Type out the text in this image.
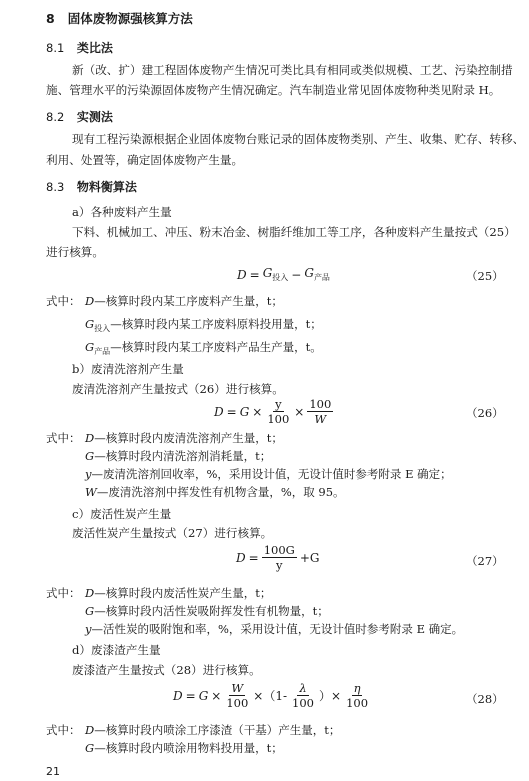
8 固体废物源强核算方法
8.1 类比法
新（改、扩）建工程固体废物产生情况可类比具有相同或类似规模、工艺、污染控制措
施、管理水平的污染源固体废物产生情况确定。汽车制造业常见固体废物种类见附录 H。
8.2 实测法
现有工程污染源根据企业固体废物台账记录的固体废物类别、产生、收集、贮存、转移、
利用、处置等，确定固体废物产生量。
8.3 物料衡算法
a）各种废料产生量
下料、机械加工、冲压、粉末冶金、树脂纤维加工等工序，各种废料产生量按式（25）
进行核算。
$D = G_{投入} - G_{产品}$	（25）
式中： D—核算时段内某工序废料产生量，t；
$G_{投入}—$核算时段内某工序废料原料投用量，t；
$G_{产品}—$核算时段内某工序废料产品生产量，t。
b）废清洗溶剂产生量
废清洗溶剂产生量按式（26）进行核算。
$D = G \times \frac{y}{100} \times \frac{100}{W}$	（26）
式中： D—核算时段内废清洗溶剂产生量，t；
G—核算时段内清洗溶剂消耗量，t；
y—废清洗溶剂回收率，%，采用设计值，无设计值时参考附录 E 确定；
W—废清洗溶剂中挥发性有机物含量，%，取 95。
c）废活性炭产生量
废活性炭产生量按式（27）进行核算。
$D = \frac{100G}{y} +G$	（27）
式中： D—核算时段内废活性炭产生量，t；
G—核算时段内活性炭吸附挥发性有机物量，t；
y—活性炭的吸附饱和率，%，采用设计值，无设计值时参考附录 E 确定。
d）废漆渣产生量
废漆渣产生量按式（28）进行核算。
$D = G \times \frac{W}{100} \times(1- \frac{\lambda}{100}$ ）× $\frac{\eta}{100}$	（28）
式中： D—核算时段内喷涂工序漆渣（干基）产生量，t；
G—核算时段内喷涂用物料投用量，t；
21
